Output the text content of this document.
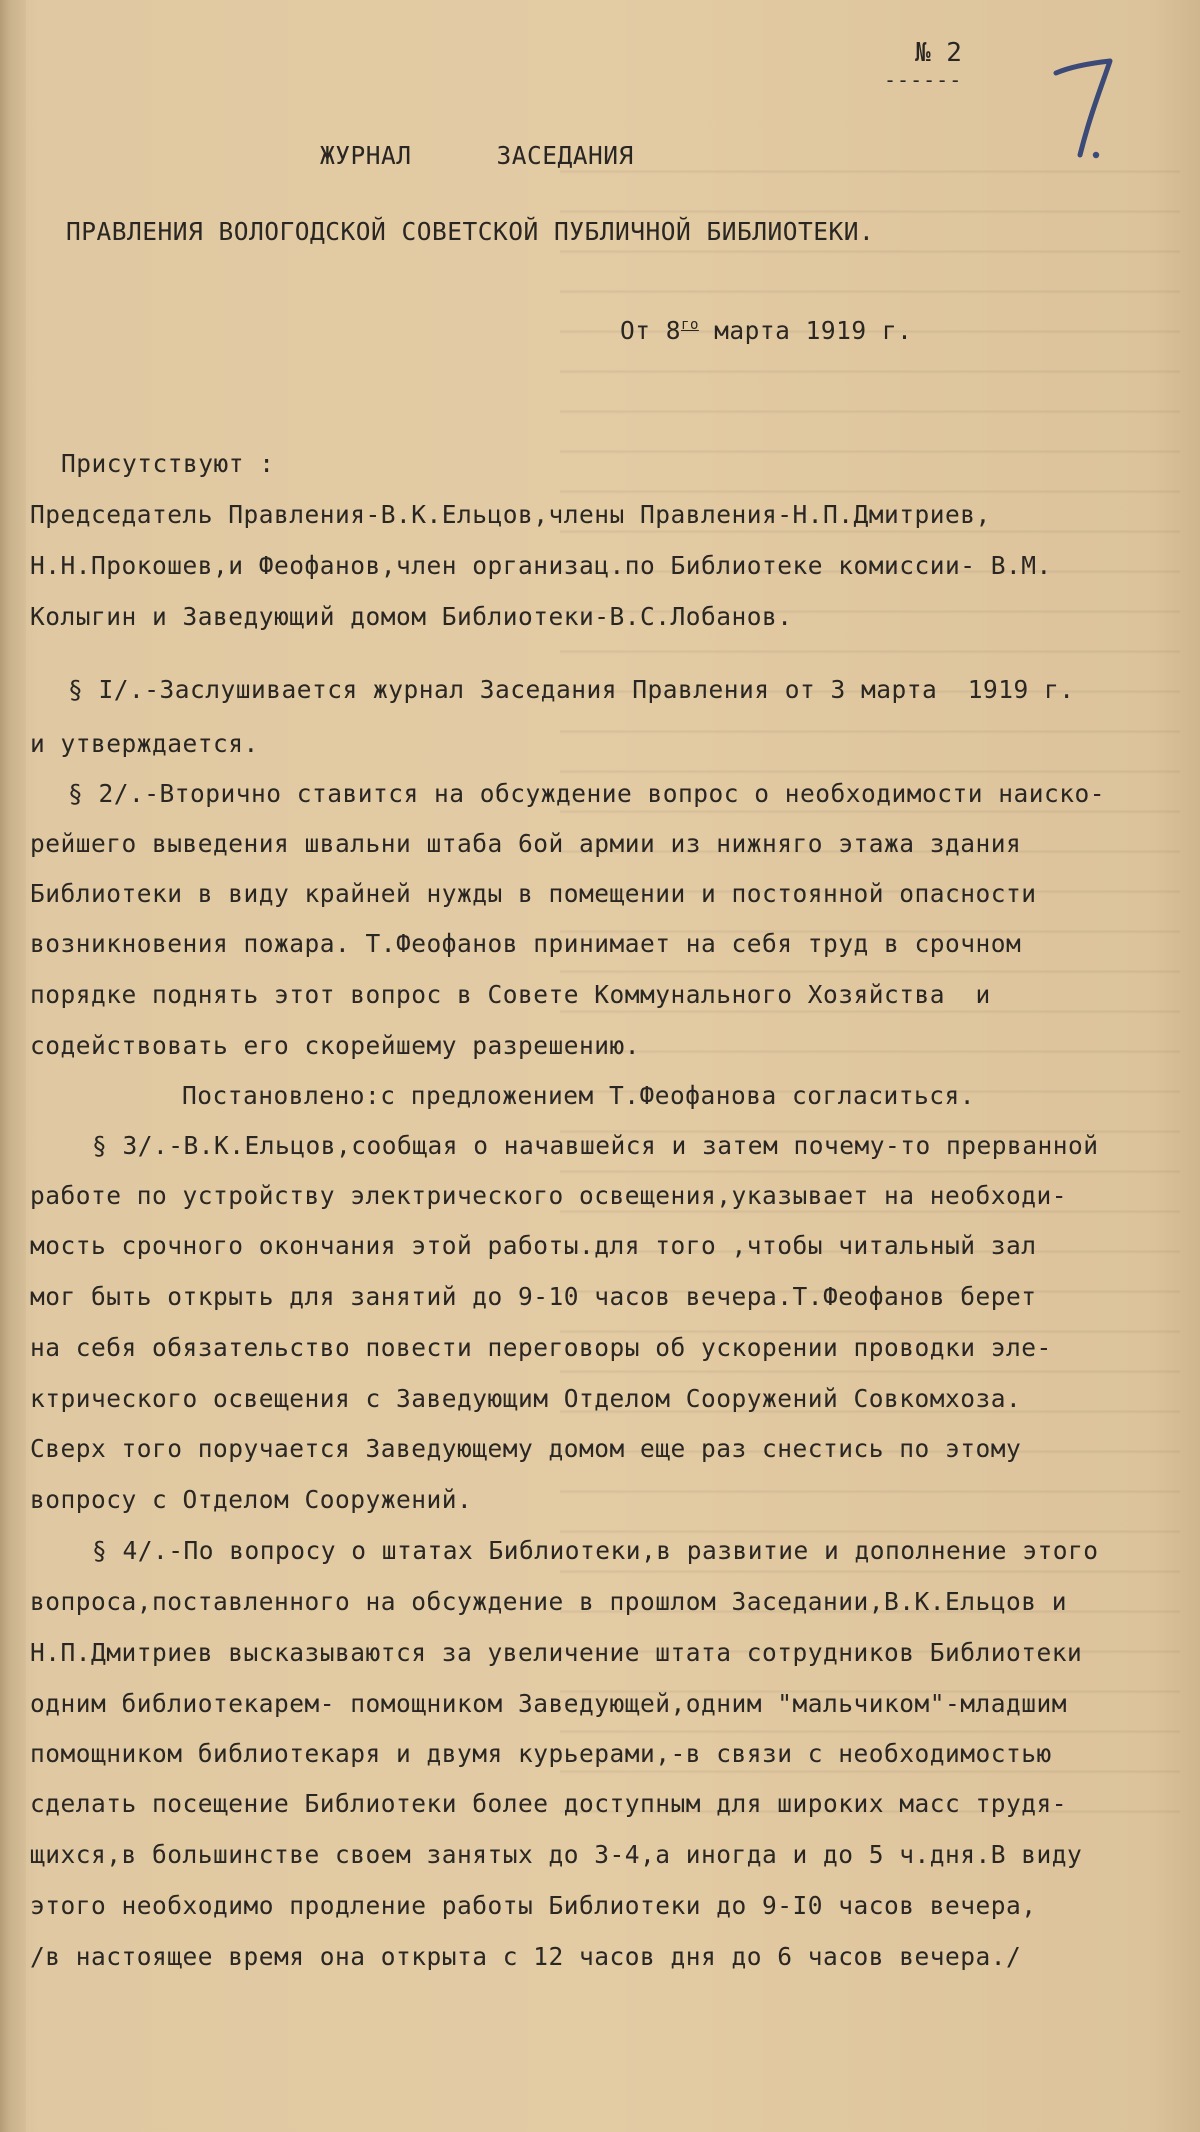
№ 2
------
ЖУРНАЛ    ЗАСЕДАНИЯ
ПРАВЛЕНИЯ ВОЛОГОДСКОЙ СОВЕТСКОЙ ПУБЛИЧНОЙ БИБЛИОТЕКИ.
От $8^{го}$ марта 1919 г.
Присутствуют :
Председатель Правления-В.К.Ельцов,члены Правления-Н.П.Дмитриев,
Н.Н.Прокошев,и Феофанов,член организац.по Библиотеке комиссии- В.М.
Колыгин и Заведующий домом Библиотеки-В.С.Лобанов.
§ I/.-Заслушивается журнал Заседания Правления от 3 марта  1919 г.
и утверждается.
§ 2/.-Вторично ставится на обсуждение вопрос о необходимости наиско-
рейшего выведения швальни штаба 6ой армии из нижняго этажа здания
Библиотеки в виду крайней нужды в помещении и постоянной опасности
возникновения пожара. Т.Феофанов принимает на себя труд в срочном
порядке поднять этот вопрос в Совете Коммунального Хозяйства  и
содействовать его скорейшему разрешению.
Постановлено:с предложением Т.Феофанова согласиться.
§ 3/.-В.К.Ельцов,сообщая о начавшейся и затем почему-то прерванной
работе по устройству электрического освещения,указывает на необходи-
мость срочного окончания этой работы.для того ,чтобы читальный зал
мог быть открыть для занятий до 9-10 часов вечера.Т.Феофанов берет
на себя обязательство повести переговоры об ускорении проводки эле-
ктрического освещения с Заведующим Отделом Сооружений Совкомхоза.
Сверх того поручается Заведующему домом еще раз снестись по этому
вопросу с Отделом Сооружений.
§ 4/.-По вопросу о штатах Библиотеки,в развитие и дополнение этого
вопроса,поставленного на обсуждение в прошлом Заседании,В.К.Ельцов и
Н.П.Дмитриев высказываются за увеличение штата сотрудников Библиотеки
одним библиотекарем- помощником Заведующей,одним "мальчиком"-младшим
помощником библиотекаря и двумя курьерами,-в связи с необходимостью
сделать посещение Библиотеки более доступным для широких масс трудя-
щихся,в большинстве своем занятых до 3-4,а иногда и до 5 ч.дня.В виду
этого необходимо продление работы Библиотеки до 9-I0 часов вечера,
/в настоящее время она открыта с 12 часов дня до 6 часов вечера./
